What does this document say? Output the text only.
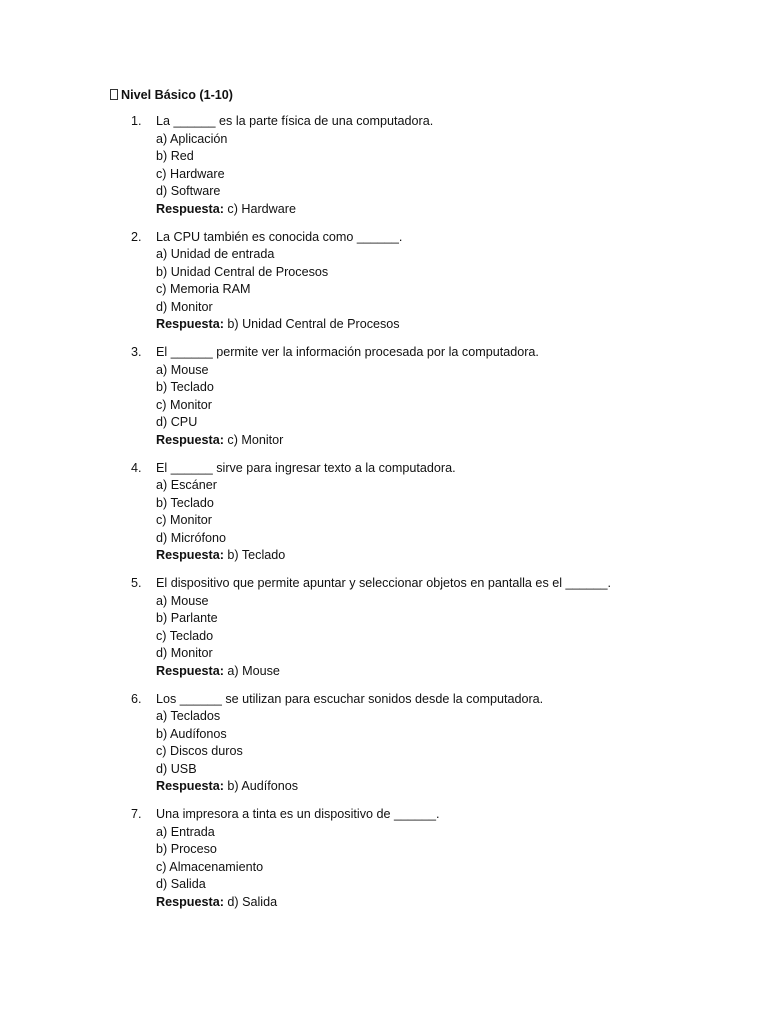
Nivel Básico (1-10)
1. La ______ es la parte física de una computadora.
a) Aplicación
b) Red
c) Hardware
d) Software
Respuesta: c) Hardware
2. La CPU también es conocida como ______.
a) Unidad de entrada
b) Unidad Central de Procesos
c) Memoria RAM
d) Monitor
Respuesta: b) Unidad Central de Procesos
3. El ______ permite ver la información procesada por la computadora.
a) Mouse
b) Teclado
c) Monitor
d) CPU
Respuesta: c) Monitor
4. El ______ sirve para ingresar texto a la computadora.
a) Escáner
b) Teclado
c) Monitor
d) Micrófono
Respuesta: b) Teclado
5. El dispositivo que permite apuntar y seleccionar objetos en pantalla es el ______.
a) Mouse
b) Parlante
c) Teclado
d) Monitor
Respuesta: a) Mouse
6. Los ______ se utilizan para escuchar sonidos desde la computadora.
a) Teclados
b) Audífonos
c) Discos duros
d) USB
Respuesta: b) Audífonos
7. Una impresora a tinta es un dispositivo de ______.
a) Entrada
b) Proceso
c) Almacenamiento
d) Salida
Respuesta: d) Salida
